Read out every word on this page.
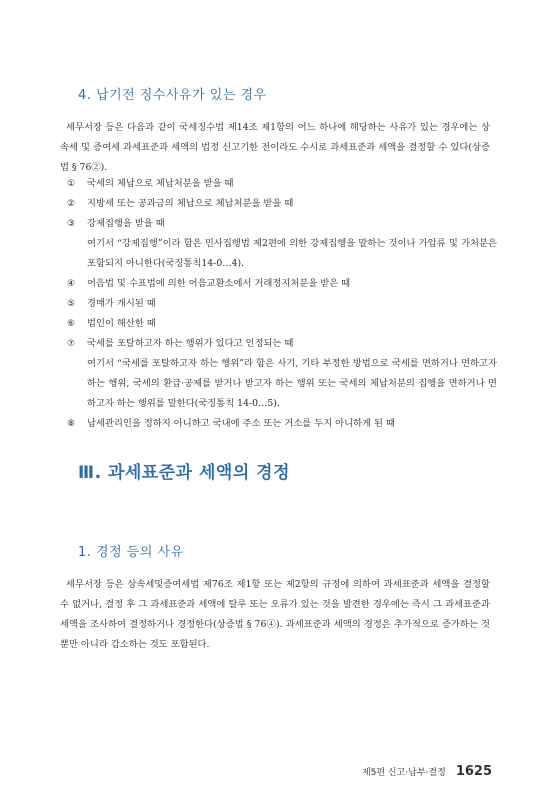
4. 납기전 징수사유가 있는 경우
세무서장 등은 다음과 같이 국세징수법 제14조 제1항의 어느 하나에 해당하는 사유가 있는 경우에는 상속세 및 증여세 과세표준과 세액의 법정 신고기한 전이라도 수시로 과세표준과 세액을 결정할 수 있다(상증법 § 76②).
①	국세의 체납으로 체납처분을 받을 때
②	지방세 또는 공과금의 체납으로 체납처분을 받을 때
③	강제집행을 받을 때
여기서 “강제집행”이라 함은 민사집행법 제2편에 의한 강제집행을 말하는 것이나 가압류 및 가처분은 포함되지 아니한다(국징통칙14-0…4).
④	어음법 및 수표법에 의한 어음교환소에서 거래정지처분을 받은 때
⑤	경매가 개시된 때
⑥	법인이 해산한 때
⑦	국세를 포탈하고자 하는 행위가 있다고 인정되는 때
여기서 “국세를 포탈하고자 하는 행위”라 함은 사기, 기타 부정한 방법으로 국세를 면하거나 면하고자 하는 행위, 국세의 환급·공제를 받거나 받고자 하는 행위 또는 국세의 체납처분의 집행을 면하거나 면하고자 하는 행위를 말한다(국징통칙 14-0…5).
⑧	납세관리인을 정하지 아니하고 국내에 주소 또는 거소를 두지 아니하게 된 때
Ⅲ. 과세표준과 세액의 경정
1. 경정 등의 사유
세무서장 등은 상속세및증여세법 제76조 제1항 또는 제2항의 규정에 의하여 과세표준과 세액을 결정할 수 없거나, 결정 후 그 과세표준과 세액에 탈루 또는 오류가 있는 것을 발견한 경우에는 즉시 그 과세표준과 세액을 조사하여 결정하거나 경정한다(상증법 § 76④). 과세표준과 세액의 경정은 추가적으로 증가하는 것뿐만 아니라 감소하는 것도 포함된다.
제5편 신고·납부·결정 1625
